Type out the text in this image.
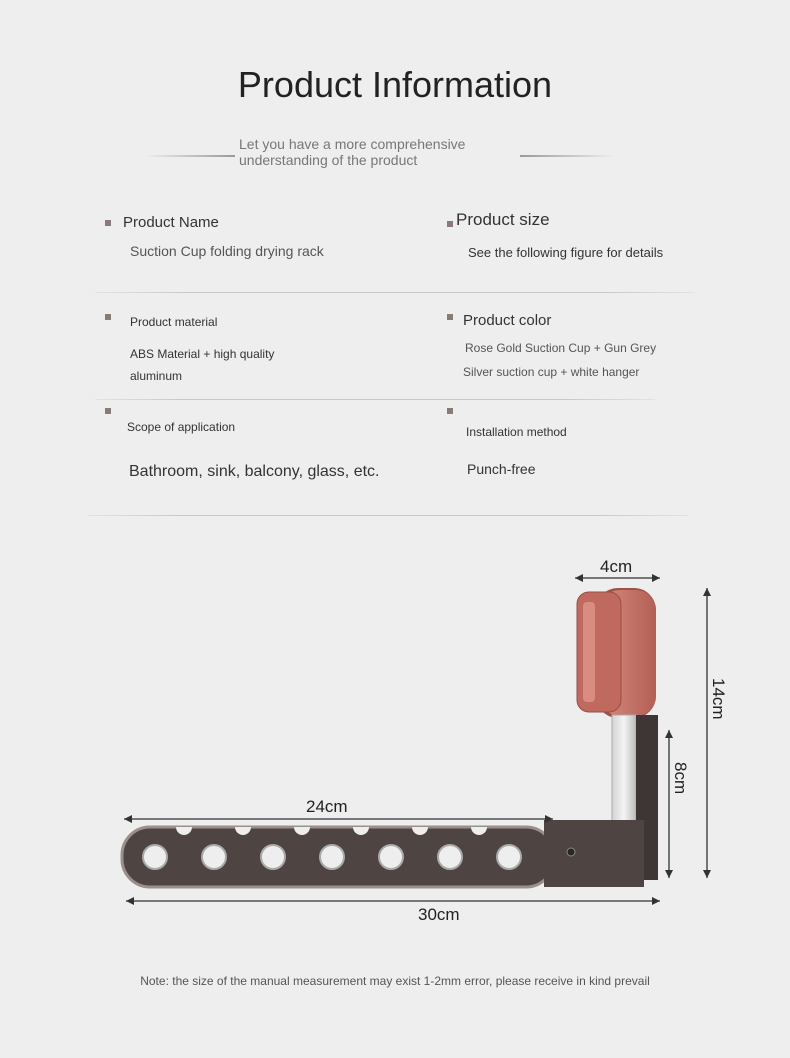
Product Information
Let you have a more comprehensive
understanding of the product
Product Name
Suction Cup folding drying rack
Product size
See the following figure for details
Product material
ABS Material + high quality
aluminum
Product color
Rose Gold Suction Cup + Gun Grey
Silver suction cup + white hanger
Scope of application
Bathroom, sink, balcony, glass, etc.
Installation method
Punch-free
4cm
24cm
30cm
8cm
14cm
Note: the size of the manual measurement may exist 1-2mm error, please receive in kind prevail
